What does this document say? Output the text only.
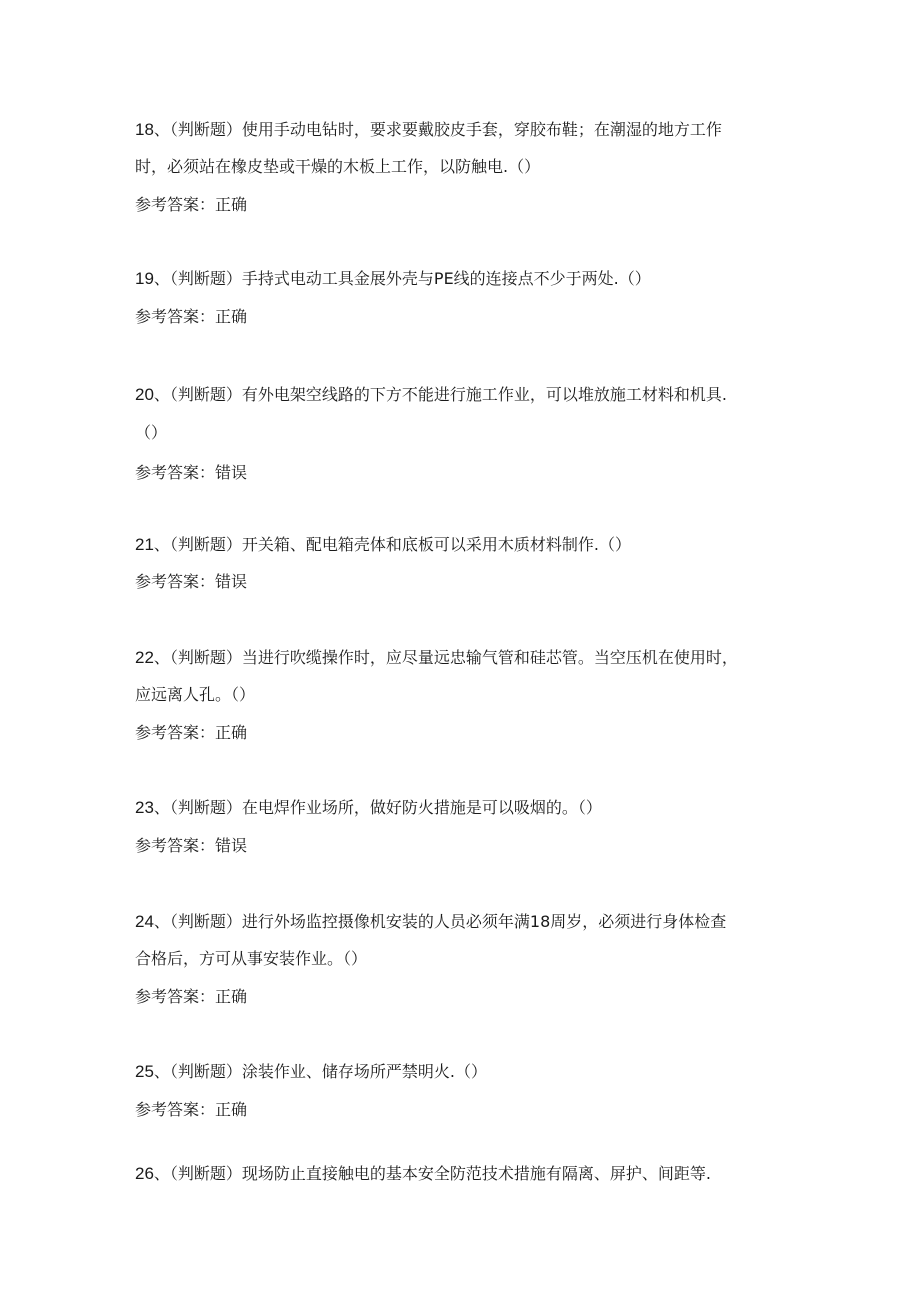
18、（判断题）使用手动电钻时，要求要戴胶皮手套，穿胶布鞋；在潮湿的地方工作
时，必须站在橡皮垫或干燥的木板上工作，以防触电.（）
参考答案：正确
19、（判断题）手持式电动工具金展外壳与PE线的连接点不少于两处.（）
参考答案：正确
20、（判断题）有外电架空线路的下方不能进行施工作业，可以堆放施工材料和机具.
（）
参考答案：错误
21、（判断题）开关箱、配电箱壳体和底板可以采用木质材料制作.（）
参考答案：错误
22、（判断题）当进行吹缆操作时，应尽量远忠输气管和硅芯管。当空压机在使用时，
应远离人孔。（）
参考答案：正确
23、（判断题）在电焊作业场所，做好防火措施是可以吸烟的。（）
参考答案：错误
24、（判断题）进行外场监控摄像机安装的人员必须年满18周岁，必须进行身体检查
合格后，方可从事安装作业。（）
参考答案：正确
25、（判断题）涂装作业、储存场所严禁明火.（）
参考答案：正确
26、（判断题）现场防止直接触电的基本安全防范技术措施有隔离、屏护、间距等.
